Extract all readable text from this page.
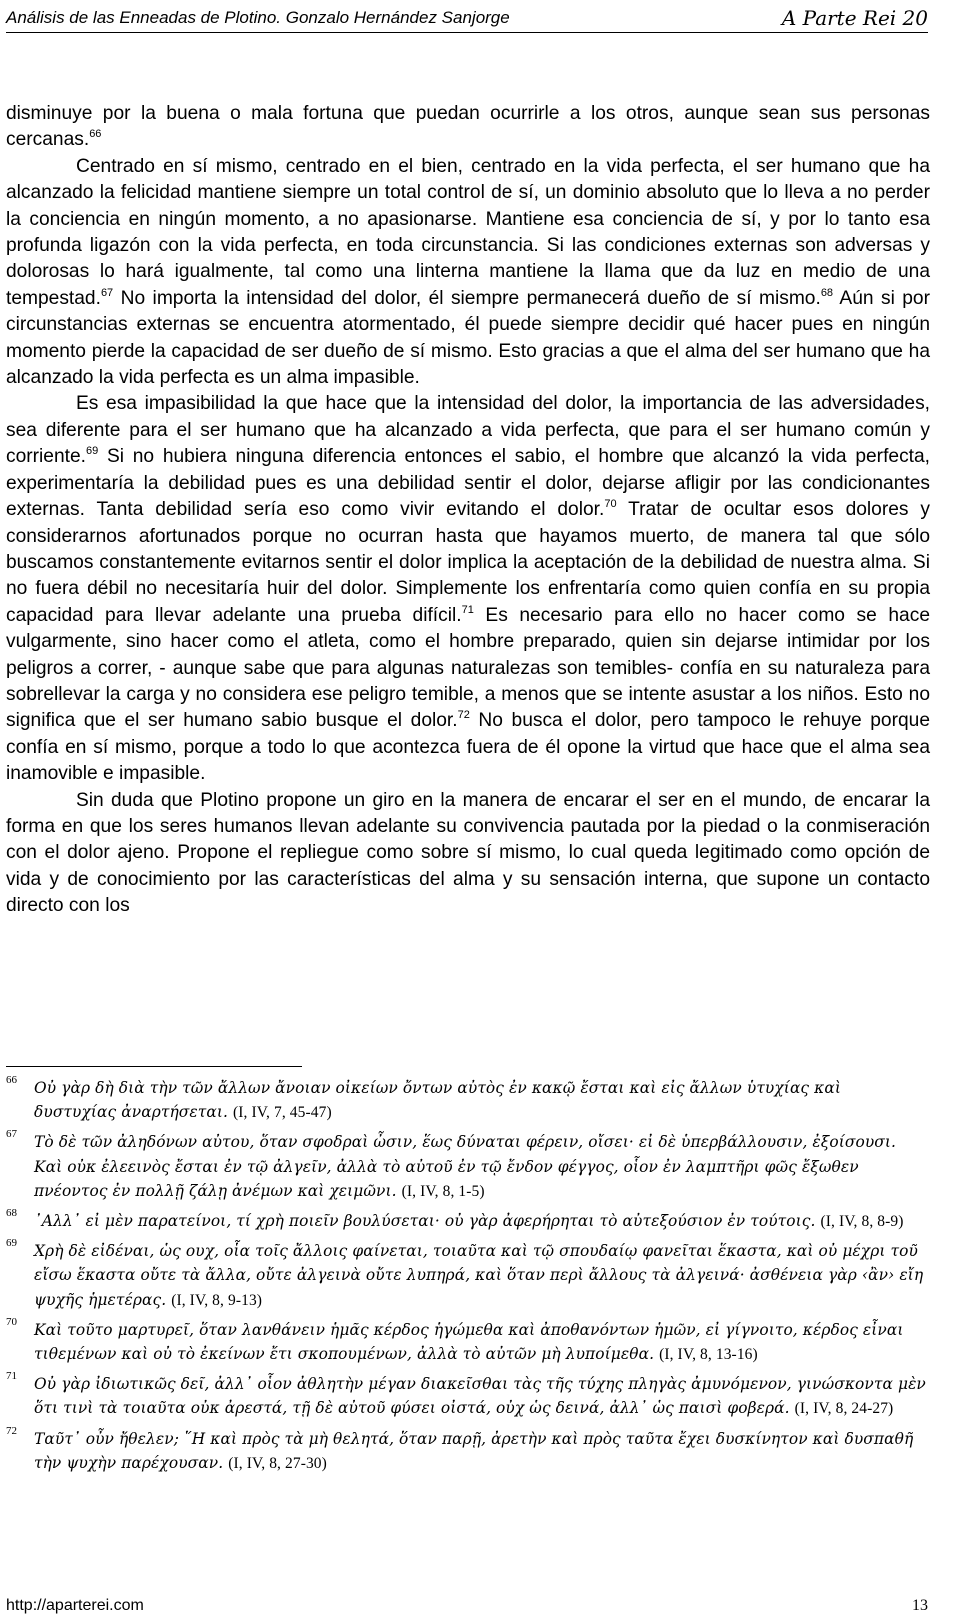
Análisis de las Enneadas de Plotino. Gonzalo Hernández Sanjorge	A Parte Rei 20

disminuye por la buena o mala fortuna que puedan ocurrirle a los otros, aunque sean sus personas cercanas.$^{66}$

Centrado en sí mismo, centrado en el bien, centrado en la vida perfecta, el ser humano que ha alcanzado la felicidad mantiene siempre un total control de sí, un dominio absoluto que lo lleva a no perder la conciencia en ningún momento, a no apasionarse. Mantiene esa conciencia de sí, y por lo tanto esa profunda ligazón con la vida perfecta, en toda circunstancia. Si las condiciones externas son adversas y dolorosas lo hará igualmente, tal como una linterna mantiene la llama que da luz en medio de una tempestad.$^{67}$ No importa la intensidad del dolor, él siempre permanecerá dueño de sí mismo.$^{68}$ Aún si por circunstancias externas se encuentra atormentado, él puede siempre decidir qué hacer pues en ningún momento pierde la capacidad de ser dueño de sí mismo. Esto gracias a que el alma del ser humano que ha alcanzado la vida perfecta es un alma impasible.

Es esa impasibilidad la que hace que la intensidad del dolor, la importancia de las adversidades, sea diferente para el ser humano que ha alcanzado a vida perfecta, que para el ser humano común y corriente.$^{69}$ Si no hubiera ninguna diferencia entonces el sabio, el hombre que alcanzó la vida perfecta, experimentaría la debilidad pues es una debilidad sentir el dolor, dejarse afligir por las condicionantes externas. Tanta debilidad sería eso como vivir evitando el dolor.$^{70}$ Tratar de ocultar esos dolores y considerarnos afortunados porque no ocurran hasta que hayamos muerto, de manera tal que sólo buscamos constantemente evitarnos sentir el dolor implica la aceptación de la debilidad de nuestra alma. Si no fuera débil no necesitaría huir del dolor. Simplemente los enfrentaría como quien confía en su propia capacidad para llevar adelante una prueba difícil.$^{71}$ Es necesario para ello no hacer como se hace vulgarmente, sino hacer como el atleta, como el hombre preparado, quien sin dejarse intimidar por los peligros a correr, - aunque sabe que para algunas naturalezas son temibles- confía en su naturaleza para sobrellevar la carga y no considera ese peligro temible, a menos que se intente asustar a los niños. Esto no significa que el ser humano sabio busque el dolor.$^{72}$ No busca el dolor, pero tampoco le rehuye porque confía en sí mismo, porque a todo lo que acontezca fuera de él opone la virtud que hace que el alma sea inamovible e impasible.

Sin duda que Plotino propone un giro en la manera de encarar el ser en el mundo, de encarar la forma en que los seres humanos llevan adelante su convivencia pautada por la piedad o la conmiseración con el dolor ajeno. Propone el repliegue como sobre sí mismo, lo cual queda legitimado como opción de vida y de conocimiento por las características del alma y su sensación interna, que supone un contacto directo con los

66 Οὐ γὰρ δὴ διὰ τὴν τῶν ἄλλων ἄνοιαν οἰκείων ὄντων αὐτὸς ἐν κακῷ ἔσται καὶ εἰς ἄλλων ὑτυχίας καὶ δυστυχίας ἀναρτήσεται. (I, IV, 7, 45-47)
67 Τὸ δὲ τῶν ἀληδόνων αὐτου, ὅταν σφοδραὶ ὦσιν, ἕως δύναται φέρειν, οἴσει· εἰ δὲ ὑπερβάλλουσιν, ἐξοίσουσι. Καὶ οὐκ ἐλεεινὸς ἔσται ἐν τῷ ἀλγεῖν, ἀλλὰ τὸ αὐτοῦ ἐν τῷ ἔνδον φέγγος, οἷον ἐν λαμπτῆρι φῶς ἔξωθεν πνέοντος ἐν πολλῇ ζάλῃ ἀνέμων καὶ χειμῶνι. (I, IV, 8, 1-5)
68 ᾿Αλλ᾿ εἰ μὲν παρατείνοι, τί χρὴ ποιεῖν βουλύσεται· οὐ γὰρ ἀφερήρηται τὸ αὐτεξούσιον ἐν τούτοις. (I, IV, 8, 8-9)
69 Χρὴ δὲ εἰδέναι, ὡς ουχ, οἷα τοῖς ἄλλοις φαίνεται, τοιαῦτα καὶ τῷ σπουδαίῳ φανεῖται ἕκαστα, καὶ οὐ μέχρι τοῦ εἴσω ἕκαστα οὔτε τὰ ἄλλα, οὔτε ἀλγεινὰ οὔτε λυπηρά, καὶ ὅταν περὶ ἄλλους τὰ ἀλγεινά· ἀσθένεια γὰρ ‹ἂν› εἴη ψυχῆς ἡμετέρας. (I, IV, 8, 9-13)
70 Καὶ τοῦτο μαρτυρεῖ, ὅταν λανθάνειν ἡμᾶς κέρδος ἡγώμεθα καὶ ἀποθανόντων ἡμῶν, εἰ γίγνοιτο, κέρδος εἶναι τιθεμένων καὶ οὐ τὸ ἐκείνων ἔτι σκοπουμένων, ἀλλὰ τὸ αὐτῶν μὴ λυποίμεθα. (I, IV, 8, 13-16)
71 Οὐ γὰρ ἰδιωτικῶς δεῖ, ἀλλ᾿ οἷον ἀθλητὴν μέγαν διακεῖσθαι τὰς τῆς τύχης πληγὰς ἀμυνόμενον, γινώσκοντα μὲν ὅτι τινὶ τὰ τοιαῦτα οὐκ ἀρεστά, τῇ δὲ αὐτοῦ φύσει οἰστά, οὐχ ὡς δεινά, ἀλλ᾿ ὡς παισὶ φοβερά. (I, IV, 8, 24-27)
72 Ταῦτ᾿ οὖν ἤθελεν; ῞Η καὶ πρὸς τὰ μὴ θελητά, ὅταν παρῇ, ἀρετὴν καὶ πρὸς ταῦτα ἔχει δυσκίνητον καὶ δυσπαθῆ τὴν ψυχὴν παρέχουσαν. (I, IV, 8, 27-30)
http://aparterei.com	13
